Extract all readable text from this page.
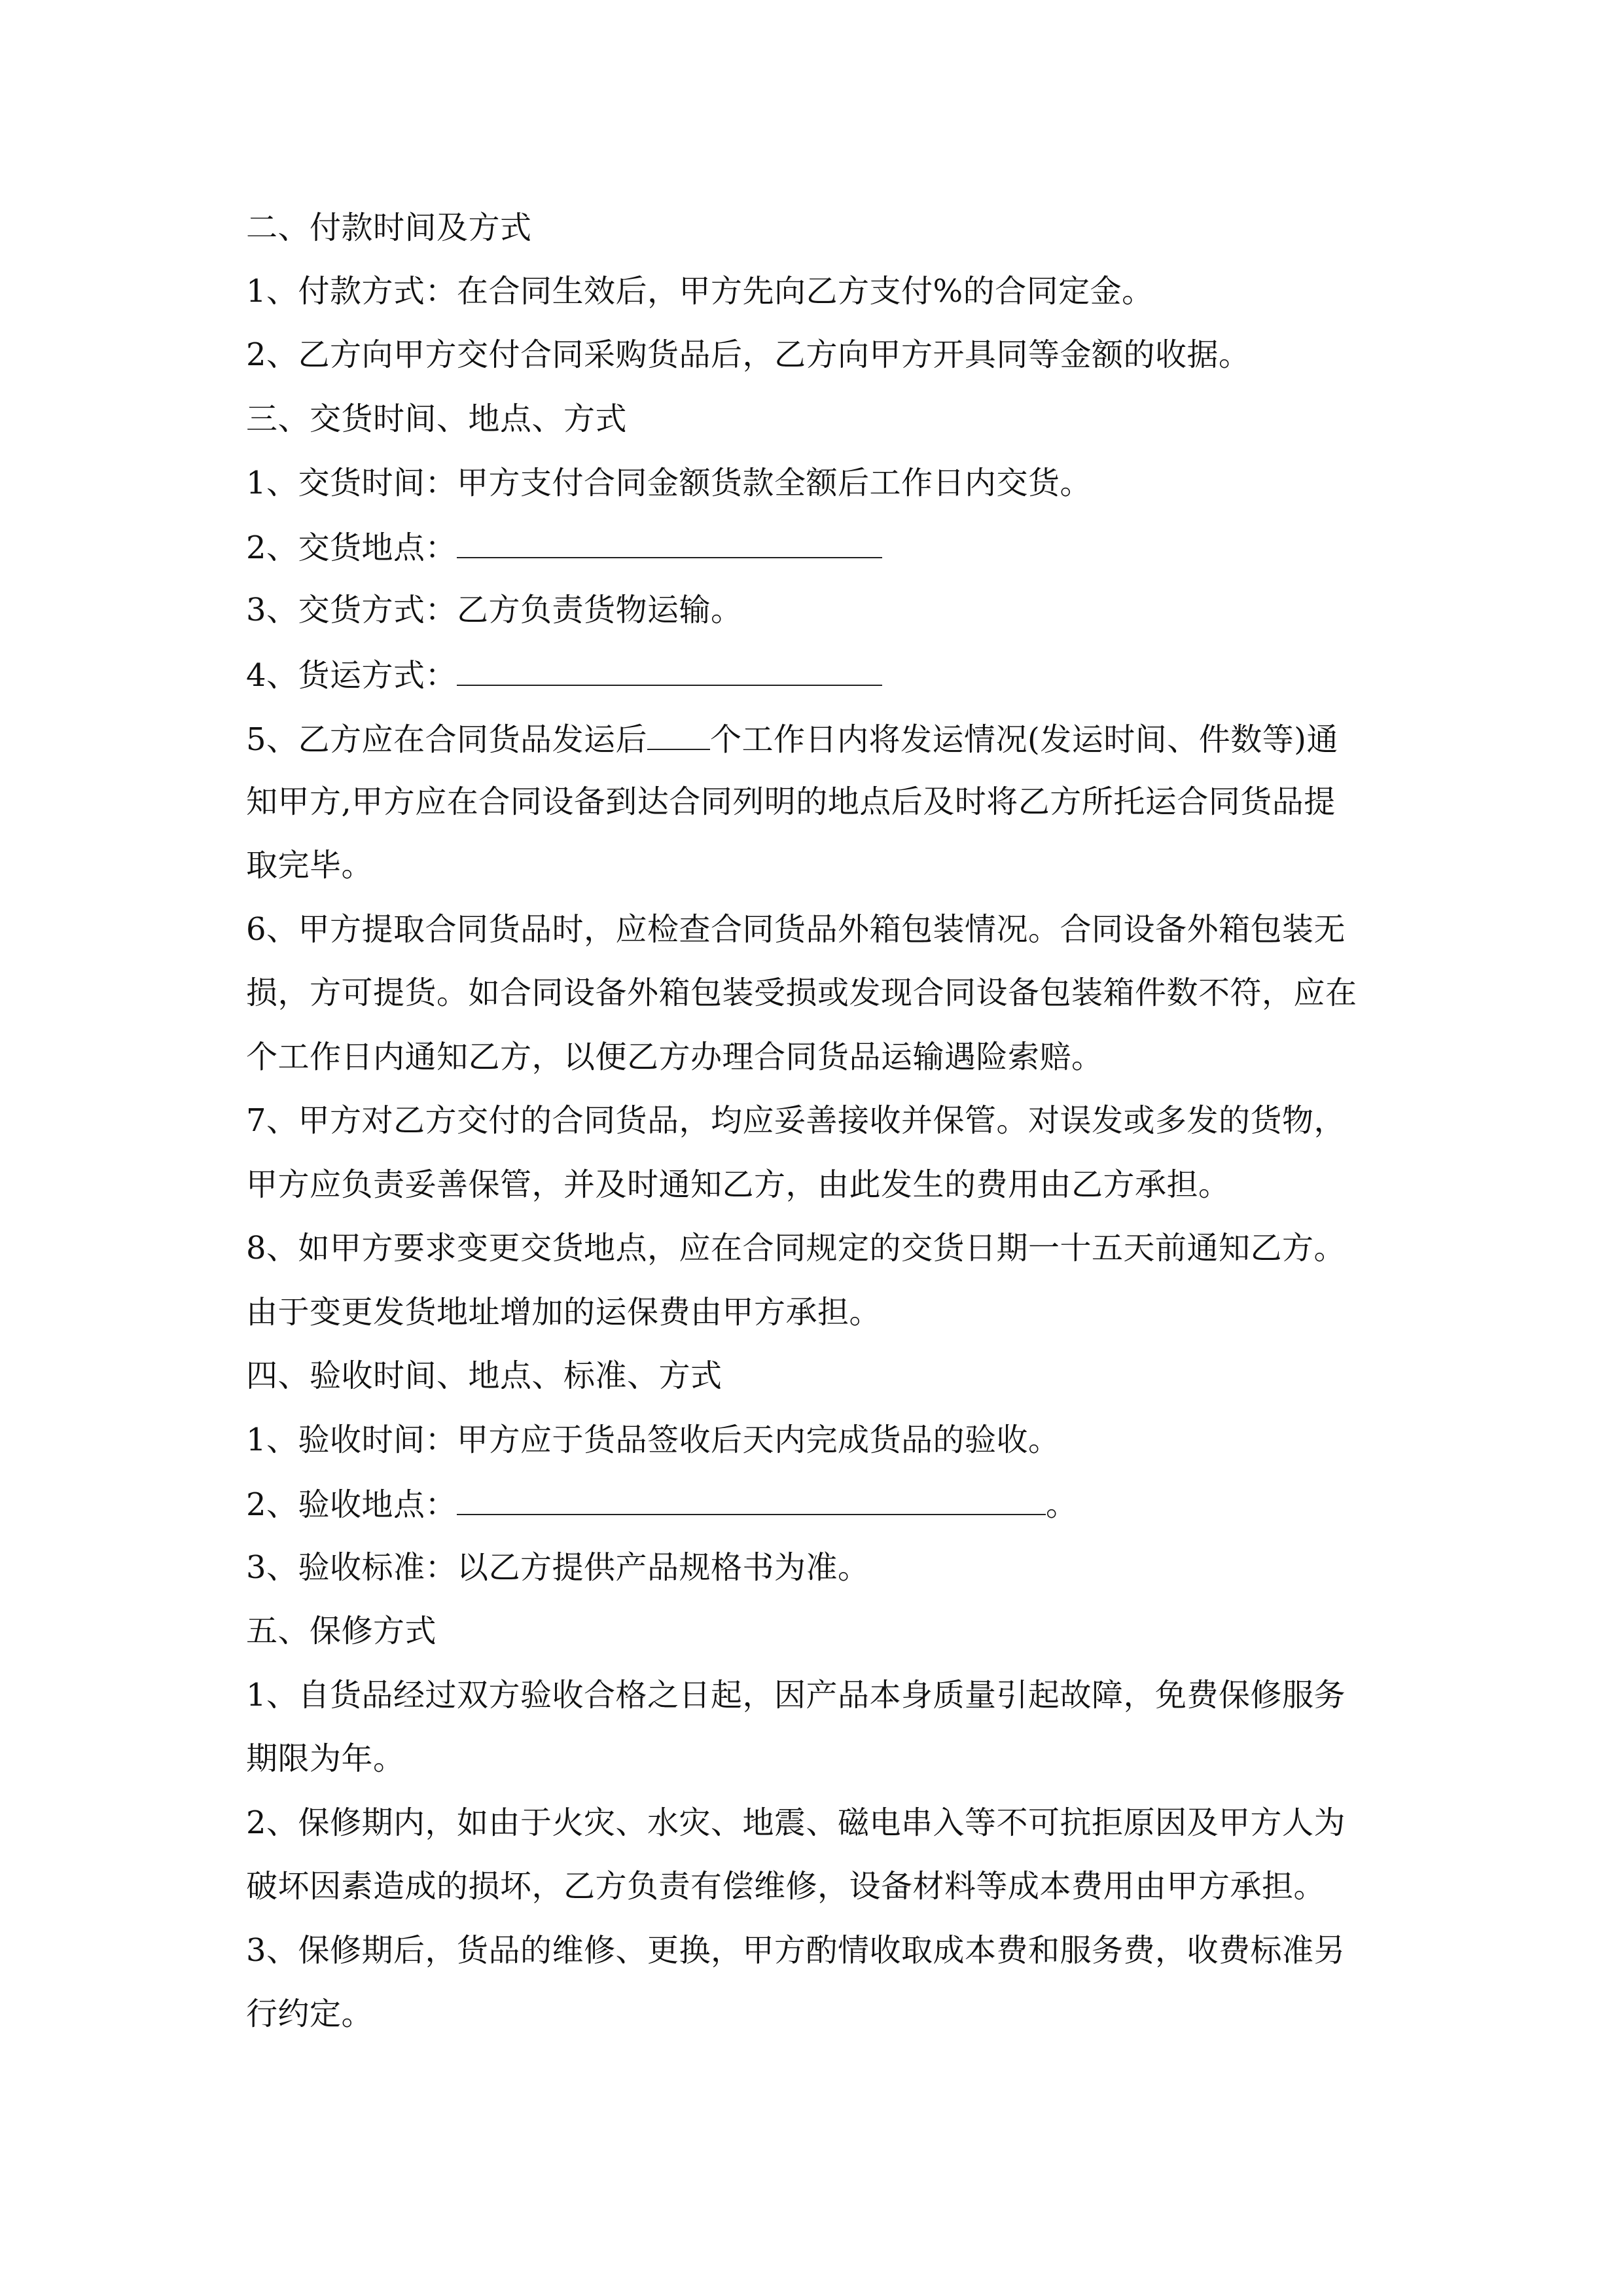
二、付款时间及方式
1、付款方式：在合同生效后，甲方先向乙方支付%的合同定金。
2、乙方向甲方交付合同采购货品后，乙方向甲方开具同等金额的收据。
三、交货时间、地点、方式
1、交货时间：甲方支付合同金额货款全额后工作日内交货。
2、交货地点：
3、交货方式：乙方负责货物运输。
4、货运方式：
5、乙方应在合同货品发运后 个工作日内将发运情况(发运时间、件数等)通
知甲方,甲方应在合同设备到达合同列明的地点后及时将乙方所托运合同货品提
取完毕。
6、甲方提取合同货品时，应检查合同货品外箱包装情况。合同设备外箱包装无
损，方可提货。如合同设备外箱包装受损或发现合同设备包装箱件数不符，应在
个工作日内通知乙方，以便乙方办理合同货品运输遇险索赔。
7、甲方对乙方交付的合同货品，均应妥善接收并保管。对误发或多发的货物，
甲方应负责妥善保管，并及时通知乙方，由此发生的费用由乙方承担。
8、如甲方要求变更交货地点，应在合同规定的交货日期一十五天前通知乙方。
由于变更发货地址增加的运保费由甲方承担。
四、验收时间、地点、标准、方式
1、验收时间：甲方应于货品签收后天内完成货品的验收。
2、验收地点：	。
3、验收标准：以乙方提供产品规格书为准。
五、保修方式
1、自货品经过双方验收合格之日起，因产品本身质量引起故障，免费保修服务
期限为年。
2、保修期内，如由于火灾、水灾、地震、磁电串入等不可抗拒原因及甲方人为
破坏因素造成的损坏，乙方负责有偿维修，设备材料等成本费用由甲方承担。
3、保修期后，货品的维修、更换，甲方酌情收取成本费和服务费，收费标准另
行约定。
